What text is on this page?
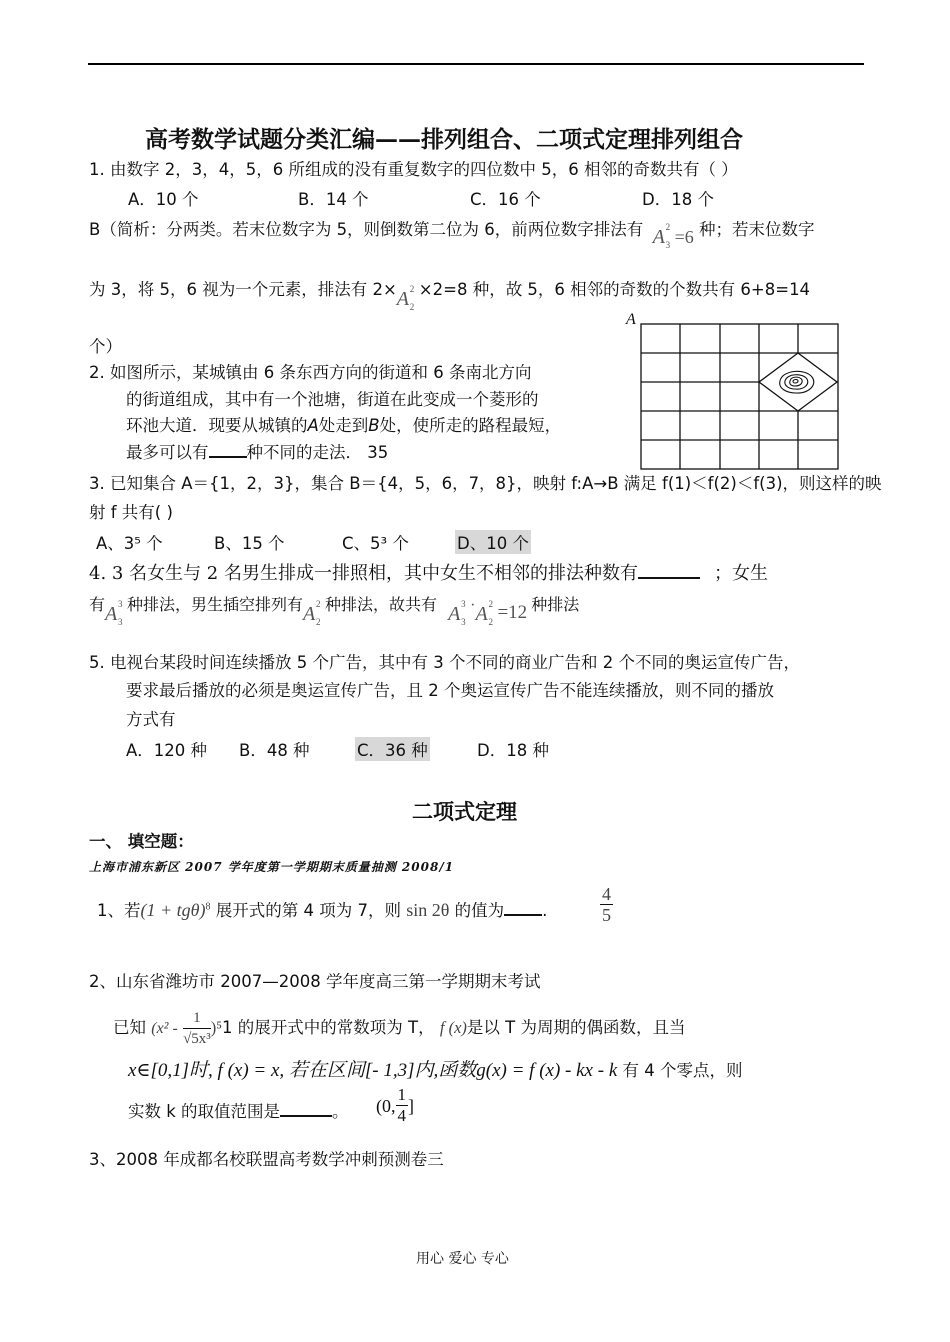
高考数学试题分类汇编——排列组合、二项式定理排列组合
1. 由数字 2，3，4，5，6 所组成的没有重复数字的四位数中 5，6 相邻的奇数共有（ ）
A．10 个	B．14 个	C．16 个	D．18 个
B（简析：分两类。若末位数字为 5，则倒数第二位为 6，前两位数字排法有 A 2
3 =6 种；若末位数字
为 3，将 5，6 视为一个元素，排法有 2×A 2
2
×2=8 种，故 5，6 相邻的奇数的个数共有 6+8=14
个）
A
2. 如图所示，某城镇由 6 条东西方向的街道和 6 条南北方向
的街道组成，其中有一个池塘，街道在此变成一个菱形的
环池大道．现要从城镇的A处走到B处，使所走的路程最短，
最多可以有 种不同的走法． 35
3. 已知集合 A＝{1，2，3}，集合 B＝{4，5，6，7，8}，映射 f:A→B 满足 f(1)＜f(2)＜f(3)，则这样的映
射 f 共有( )
A、3⁵ 个	B、15 个	C、5³ 个	D、10 个
4. 3 名女生与 2 名男生排成一排照相，其中女生不相邻的排法种数有	；女生
有A 3
3
种排法，男生插空排列有A 2
2
种排法，故共有 A 3
3
·A 2
2 =12 种排法
5. 电视台某段时间连续播放 5 个广告，其中有 3 个不同的商业广告和 2 个不同的奥运宣传广告，
要求最后播放的必须是奥运宣传广告，且 2 个奥运宣传广告不能连续播放，则不同的播放
方式有
A．120 种 B．48 种	C．36 种	D．18 种
二项式定理
一、 填空题：
上海市浦东新区 2007 学年度第一学期期末质量抽测 2008/1
1、若$(1 + tg\theta)^8$ 展开式的第 4 项为 7，则 sin 2θ 的值为 .	$\frac{4}{5}$
2、山东省潍坊市 2007—2008 学年度高三第一学期期末考试
已知 $(x^2 - \frac{1}{\text{√5x³}} )^51$ 的展开式中的常数项为 T， f (x)是以 T 为周期的偶函数，且当
x∈[0,1]时, f (x) = x, 若在区间[- 1,3]内,函数g(x) = f (x) - kx - k 有 4 个零点，则
实数 k 的取值范围是	。 (0, $\frac{1}{4}$ ]
3、2008 年成都名校联盟高考数学冲刺预测卷三
用心 爱心 专心
